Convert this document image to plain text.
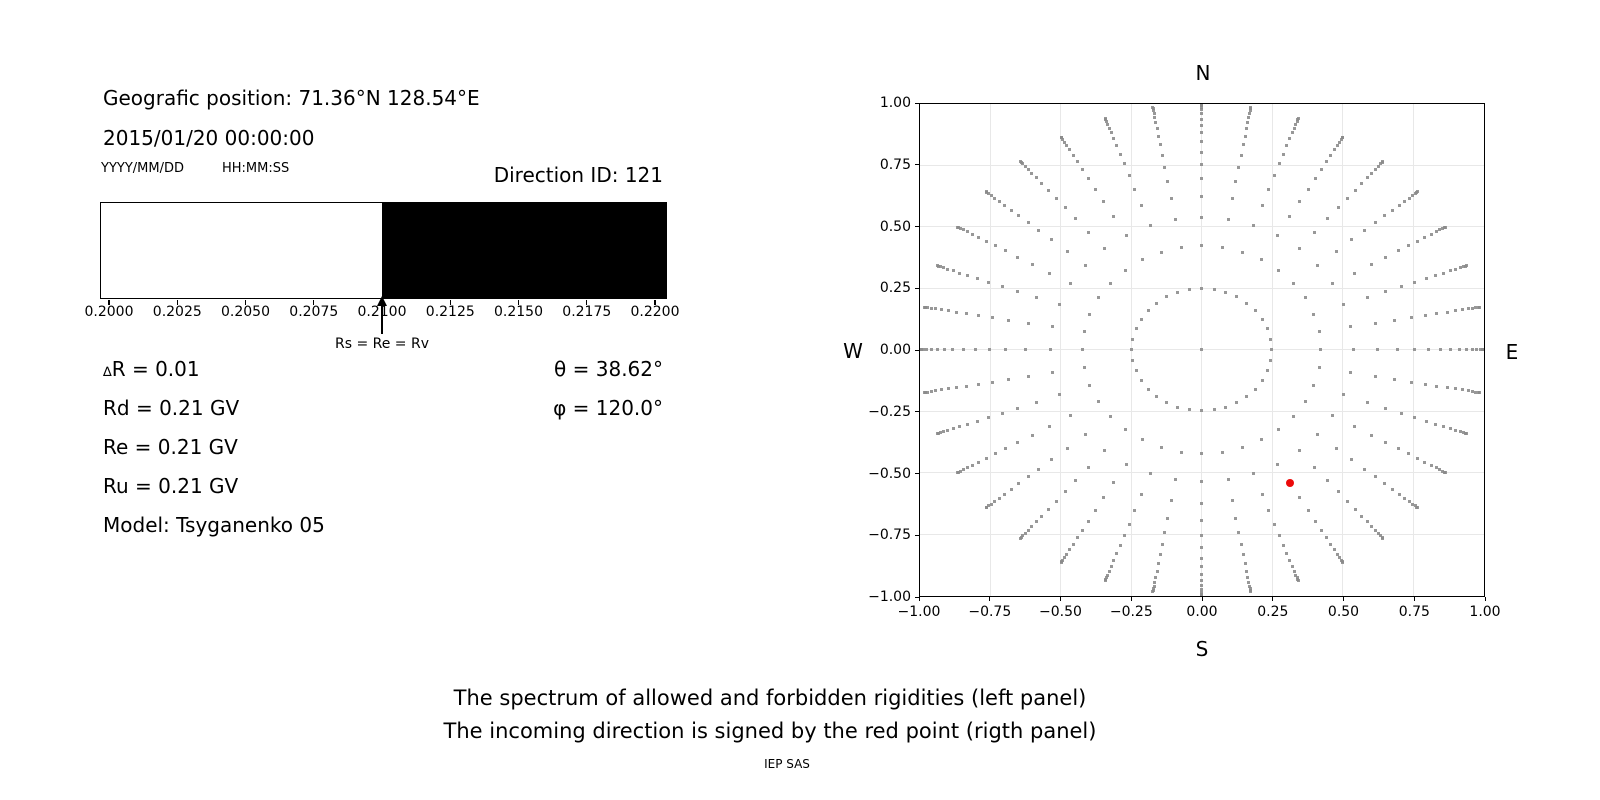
Geografic position: 71.36°N 128.54°E
2015/01/20 00:00:00
YYYY/MM/DD	HH:MM:SS	Direction ID: 121
Rs = Re = Rv
∆R = 0.01
Rd = 0.21 GV
Re = 0.21 GV
Ru = 0.21 GV
Model: Tsyganenko 05
θ = 38.62°
φ = 120.0°
N
E
S
W
The spectrum of allowed and forbidden rigidities (left panel)
The incoming direction is signed by the red point (rigth panel)
IEP SAS
0.2000 0.2025 0.2050 0.2075 0.2100 0.2125 0.2150 0.2175 0.2200
−1.00
−1.00
−0.75
−0.75
−0.50
−0.50
−0.25
−0.25
0.00
0.00
0.25
0.25
0.50
0.50
0.75
0.75
1.00
1.00
